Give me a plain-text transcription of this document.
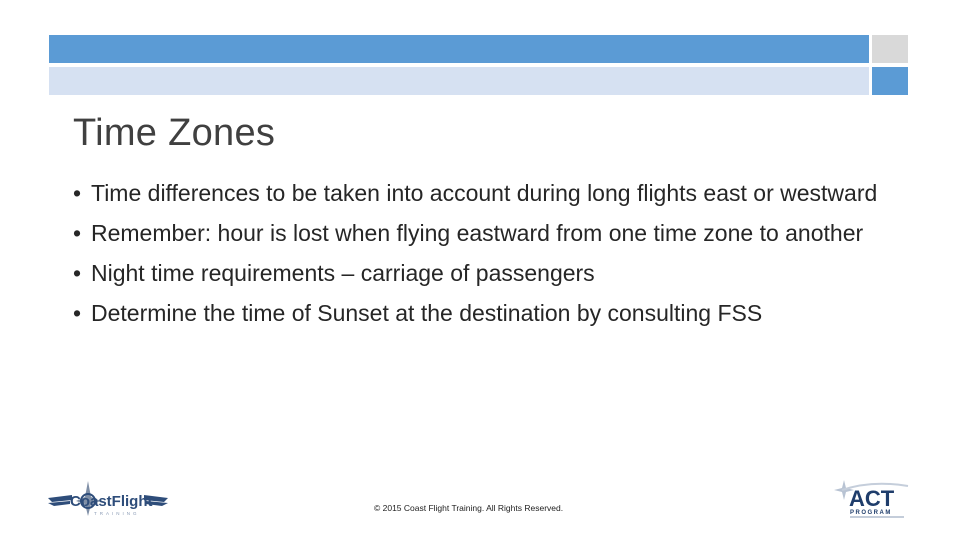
Time Zones
• Time differences to be taken into account during long flights east or westward
• Remember: hour is lost when flying eastward from one time zone to another
• Night time requirements – carriage of passengers
• Determine the time of Sunset at the destination by consulting FSS
CoastFlight
TRAINING
© 2015 Coast Flight Training. All Rights Reserved.	ACT
PROGRAM
